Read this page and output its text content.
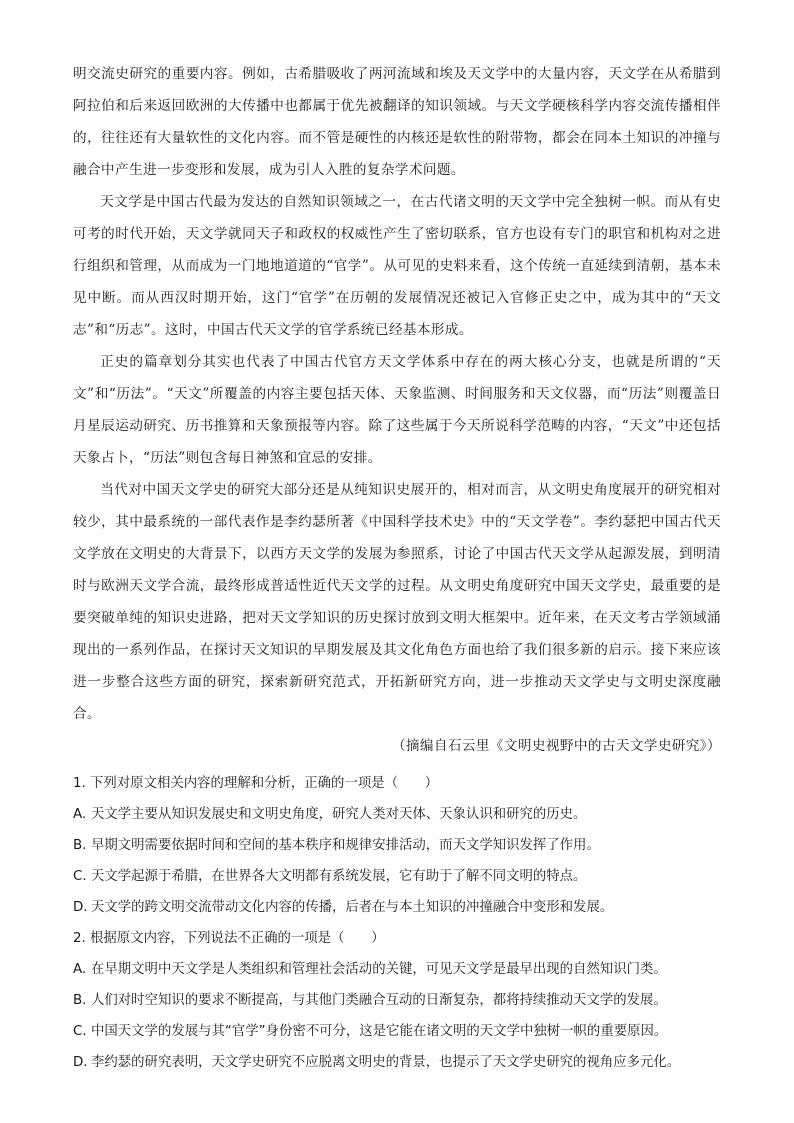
明交流史研究的重要内容。例如，古希腊吸收了两河流域和埃及天文学中的大量内容，天文学在从希腊到阿拉伯和后来返回欧洲的大传播中也都属于优先被翻译的知识领域。与天文学硬核科学内容交流传播相伴的，往往还有大量软性的文化内容。而不管是硬性的内核还是软性的附带物，都会在同本土知识的冲撞与融合中产生进一步变形和发展，成为引人入胜的复杂学术问题。

天文学是中国古代最为发达的自然知识领域之一，在古代诸文明的天文学中完全独树一帜。而从有史可考的时代开始，天文学就同天子和政权的权威性产生了密切联系，官方也设有专门的职官和机构对之进行组织和管理，从而成为一门地地道道的“官学”。从可见的史料来看，这个传统一直延续到清朝，基本未见中断。而从西汉时期开始，这门“官学”在历朝的发展情况还被记入官修正史之中，成为其中的“天文志”和“历志”。这时，中国古代天文学的官学系统已经基本形成。

正史的篇章划分其实也代表了中国古代官方天文学体系中存在的两大核心分支，也就是所谓的“天文”和“历法”。“天文”所覆盖的内容主要包括天体、天象监测、时间服务和天文仪器，而“历法”则覆盖日月星辰运动研究、历书推算和天象预报等内容。除了这些属于今天所说科学范畴的内容，“天文”中还包括天象占卜，“历法”则包含每日神煞和宜忌的安排。

当代对中国天文学史的研究大部分还是从纯知识史展开的，相对而言，从文明史角度展开的研究相对较少，其中最系统的一部代表作是李约瑟所著《中国科学技术史》中的“天文学卷”。李约瑟把中国古代天文学放在文明史的大背景下，以西方天文学的发展为参照系，讨论了中国古代天文学从起源发展，到明清时与欧洲天文学合流，最终形成普适性近代天文学的过程。从文明史角度研究中国天文学史，最重要的是要突破单纯的知识史进路，把对天文学知识的历史探讨放到文明大框架中。近年来，在天文考古学领域涌现出的一系列作品，在探讨天文知识的早期发展及其文化角色方面也给了我们很多新的启示。接下来应该进一步整合这些方面的研究，探索新研究范式，开拓新研究方向，进一步推动天文学史与文明史深度融合。

（摘编自石云里《文明史视野中的古天文学史研究》）

1. 下列对原文相关内容的理解和分析，正确的一项是（　　）

A. 天文学主要从知识发展史和文明史角度，研究人类对天体、天象认识和研究的历史。

B. 早期文明需要依据时间和空间的基本秩序和规律安排活动，而天文学知识发挥了作用。

C. 天文学起源于希腊，在世界各大文明都有系统发展，它有助于了解不同文明的特点。

D. 天文学的跨文明交流带动文化内容的传播，后者在与本土知识的冲撞融合中变形和发展。

2. 根据原文内容，下列说法不正确的一项是（　　）

A. 在早期文明中天文学是人类组织和管理社会活动的关键，可见天文学是最早出现的自然知识门类。

B. 人们对时空知识的要求不断提高，与其他门类融合互动的日渐复杂，都将持续推动天文学的发展。

C. 中国天文学的发展与其“官学”身份密不可分，这是它能在诸文明的天文学中独树一帜的重要原因。

D. 李约瑟的研究表明，天文学史研究不应脱离文明史的背景，也提示了天文学史研究的视角应多元化。
